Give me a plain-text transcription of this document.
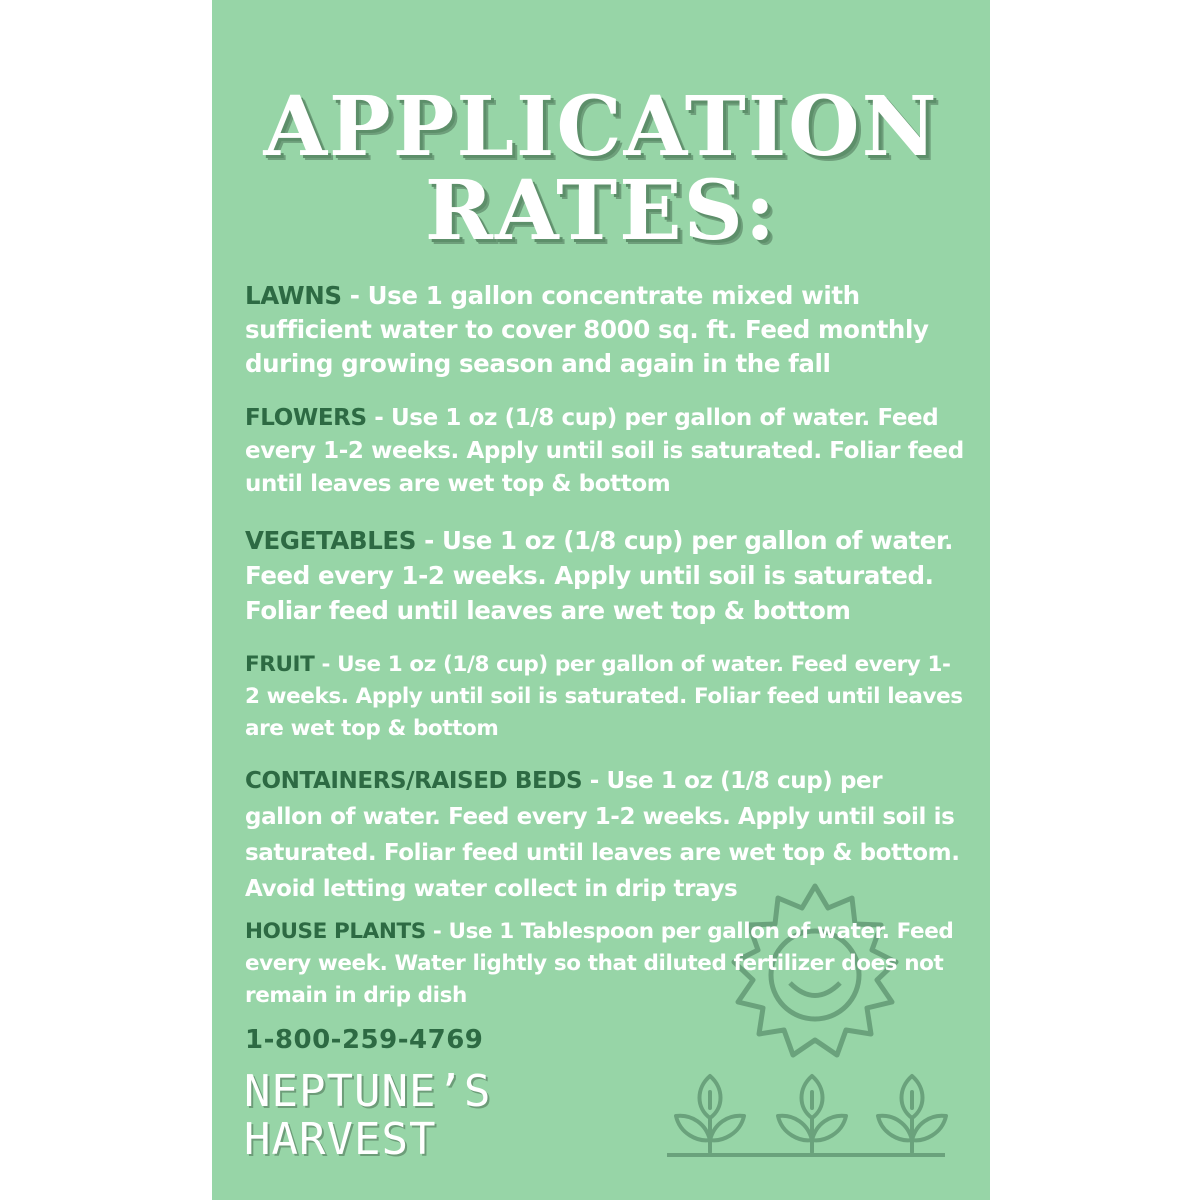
APPLICATION
RATES:
LAWNS - Use 1 gallon concentrate mixed with sufficient water to cover 8000 sq. ft. Feed monthly during growing season and again in the fall
FLOWERS - Use 1 oz (1/8 cup) per gallon of water. Feed every 1-2 weeks. Apply until soil is saturated. Foliar feed until leaves are wet top & bottom
VEGETABLES - Use 1 oz (1/8 cup) per gallon of water. Feed every 1-2 weeks. Apply until soil is saturated. Foliar feed until leaves are wet top & bottom
FRUIT - Use 1 oz (1/8 cup) per gallon of water. Feed every 1-2 weeks. Apply until soil is saturated. Foliar feed until leaves are wet top & bottom
CONTAINERS/RAISED BEDS - Use 1 oz (1/8 cup) per gallon of water. Feed every 1-2 weeks. Apply until soil is saturated. Foliar feed until leaves are wet top & bottom. Avoid letting water collect in drip trays
HOUSE PLANTS - Use 1 Tablespoon per gallon of water. Feed every week. Water lightly so that diluted fertilizer does not remain in drip dish
1-800-259-4769
NEPTUNE’S
HARVEST
